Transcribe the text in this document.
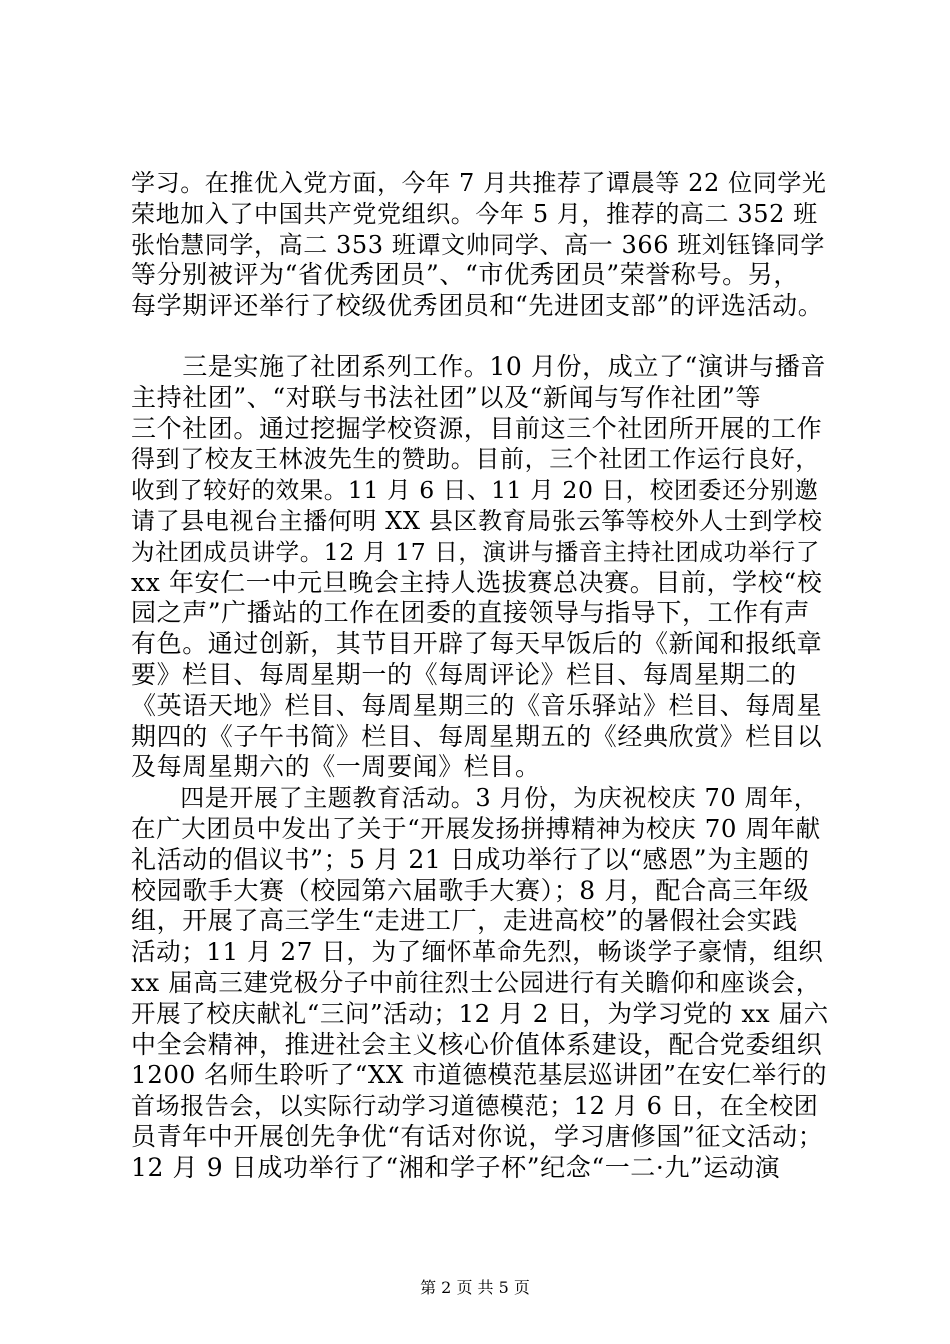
学习。在推优入党方面，今年 7 月共推荐了谭晨等 22 位同学光
荣地加入了中国共产党党组织。今年 5 月，推荐的高二 352 班
张怡慧同学，高二 353 班谭文帅同学、高一 366 班刘钰锋同学
等分别被评为“省优秀团员”、“市优秀团员”荣誉称号。另，
每学期评还举行了校级优秀团员和“先进团支部”的评选活动。

　　三是实施了社团系列工作。10 月份，成立了“演讲与播音
主持社团”、“对联与书法社团”以及“新闻与写作社团”等
三个社团。通过挖掘学校资源，目前这三个社团所开展的工作
得到了校友王林波先生的赞助。目前，三个社团工作运行良好，
收到了较好的效果。11 月 6 日、11 月 20 日，校团委还分别邀
请了县电视台主播何明 XX 县区教育局张云筝等校外人士到学校
为社团成员讲学。12 月 17 日，演讲与播音主持社团成功举行了
xx 年安仁一中元旦晚会主持人选拔赛总决赛。目前，学校“校
园之声”广播站的工作在团委的直接领导与指导下，工作有声
有色。通过创新，其节目开辟了每天早饭后的《新闻和报纸章
要》栏目、每周星期一的《每周评论》栏目、每周星期二的
《英语天地》栏目、每周星期三的《音乐驿站》栏目、每周星
期四的《子午书简》栏目、每周星期五的《经典欣赏》栏目以
及每周星期六的《一周要闻》栏目。

　　四是开展了主题教育活动。3 月份，为庆祝校庆 70 周年，
在广大团员中发出了关于“开展发扬拼搏精神为校庆 70 周年献
礼活动的倡议书”；5 月 21 日成功举行了以“感恩”为主题的
校园歌手大赛（校园第六届歌手大赛）；8 月，配合高三年级
组，开展了高三学生“走进工厂，走进高校”的暑假社会实践
活动；11 月 27 日，为了缅怀革命先烈，畅谈学子豪情，组织
xx 届高三建党极分子中前往烈士公园进行有关瞻仰和座谈会，
开展了校庆献礼“三问”活动；12 月 2 日，为学习党的 xx 届六
中全会精神，推进社会主义核心价值体系建设，配合党委组织
1200 名师生聆听了“XX 市道德模范基层巡讲团”在安仁举行的
首场报告会，以实际行动学习道德模范；12 月 6 日，在全校团
员青年中开展创先争优“有话对你说，学习唐修国”征文活动；
12 月 9 日成功举行了“湘和学子杯”纪念“一二·九”运动演

第 2 页 共 5 页
